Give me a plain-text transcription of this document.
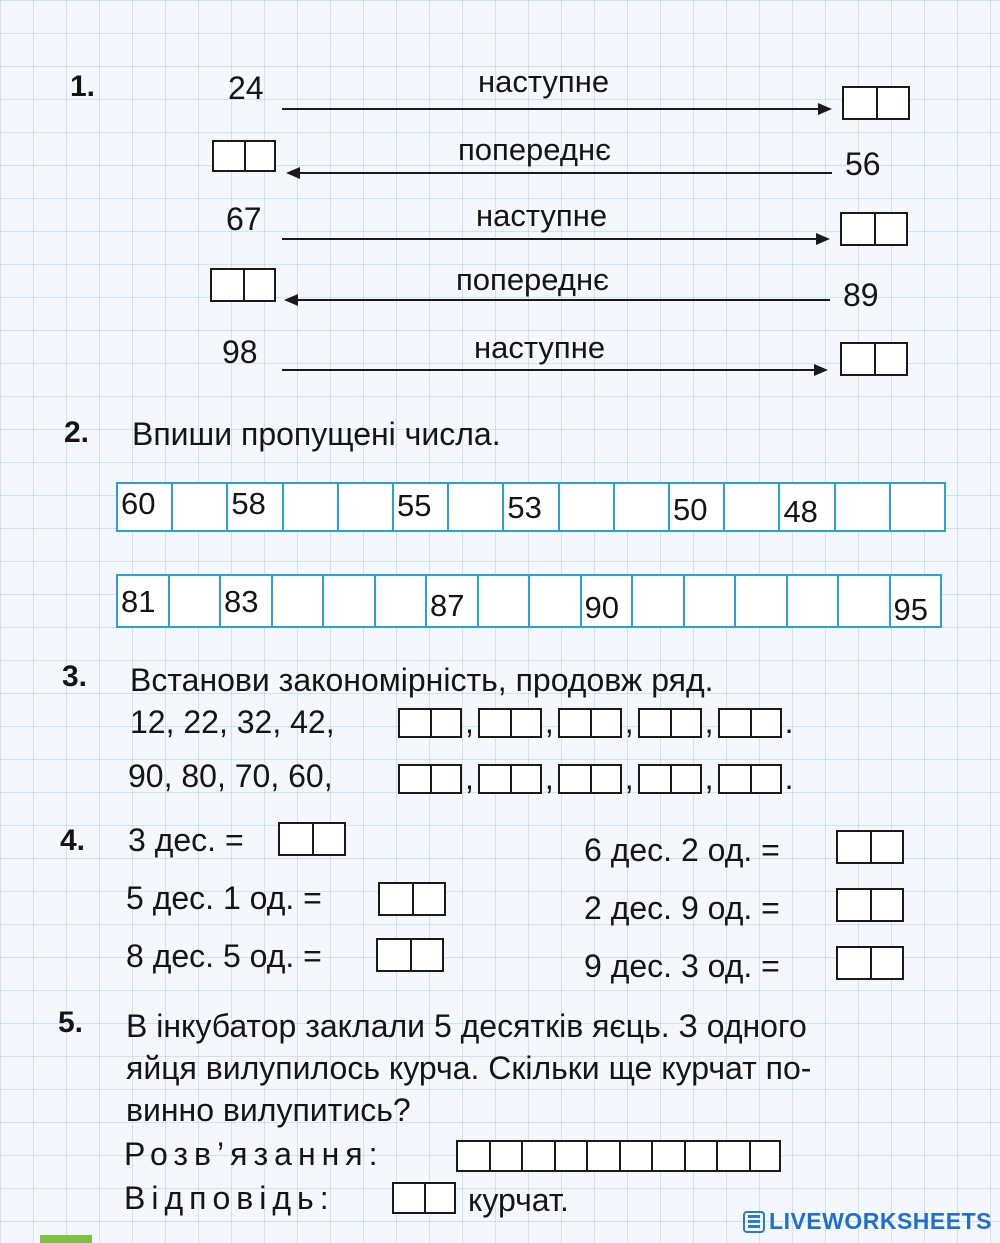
1.	24	наступне
попереднє	56
67	наступне
попереднє	89
98	наступне
2. Впиши пропущені числа.
60 58	55 53	50 48
81 83	87	90	95
3. Встанови закономірність, продовж ряд.
12, 22, 32, 42,	, , , , .
90, 80, 70, 60,	, , , , .
4. 3 дес. =
5 дес. 1 од. =
8 дес. 5 од. =
6 дес. 2 од. =
2 дес. 9 од. =
9 дес. 3 од. =
5. В інкубатор заклали 5 десятків яєць. З одного
яйця вилупилось курча. Скільки ще курчат по-
винно вилупитись?
Розв’язання:
Відповідь:	курчат.
LIVEWORKSHEETS
